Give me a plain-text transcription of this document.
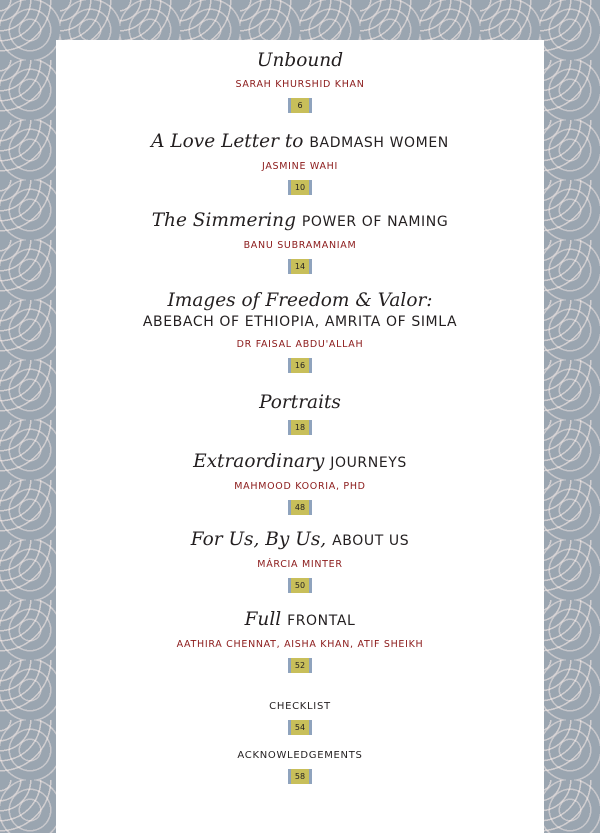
Unbound
SARAH KHURSHID KHAN
6
A Love Letter to BADMASH WOMEN
JASMINE WAHI
10
The Simmering POWER OF NAMING
BANU SUBRAMANIAM
14
Images of Freedom & Valor:
ABEBACH OF ETHIOPIA, AMRITA OF SIMLA
DR FAISAL ABDU'ALLAH
16
Portraits
18
Extraordinary JOURNEYS
MAHMOOD KOORIA, PHD
48
For Us, By Us, ABOUT US
MÁRCIA MINTER
50
Full FRONTAL
AATHIRA CHENNAT, AISHA KHAN, ATIF SHEIKH
52
CHECKLIST
54
ACKNOWLEDGEMENTS
58
